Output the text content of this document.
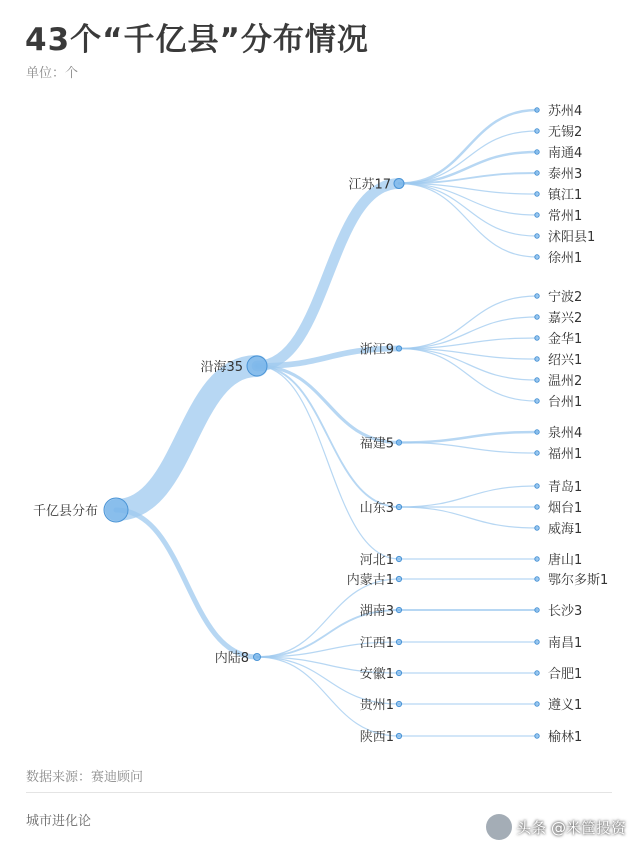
43个“千亿县”分布情况
单位：个
千亿县分布
沿海35
江苏17
苏州4
无锡2
南通4
泰州3
镇江1
常州1
沭阳县1
徐州1
浙江9
宁波2
嘉兴2
金华1
绍兴1
温州2
台州1
福建5
泉州4
福州1
山东3
青岛1
烟台1
威海1
河北1	唐山1
内陆8
内蒙古1	鄂尔多斯1
湖南3	长沙3
江西1	南昌1
安徽1	合肥1
贵州1	遵义1
陕西1	榆林1
数据来源：赛迪顾问
城市进化论	头条 @米筐投资
